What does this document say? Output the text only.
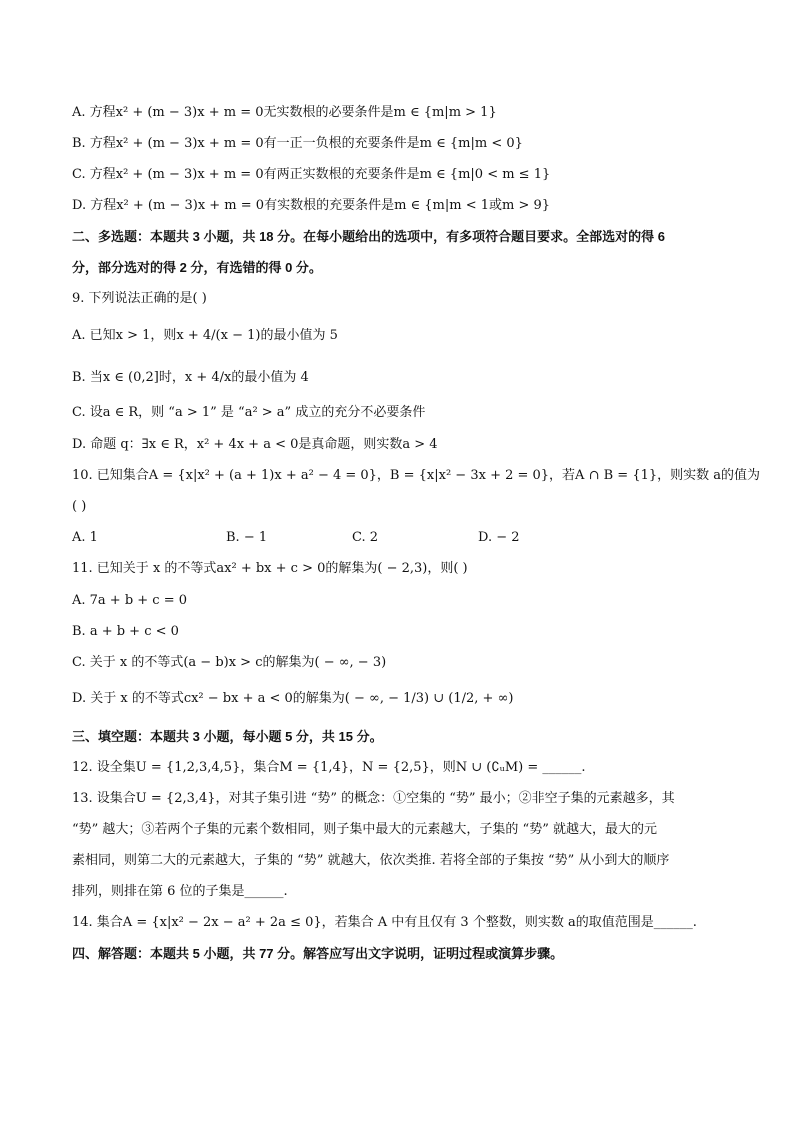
A. 方程x² + (m − 3)x + m = 0无实数根的必要条件是m ∈ {m|m > 1}
B. 方程x² + (m − 3)x + m = 0有一正一负根的充要条件是m ∈ {m|m < 0}
C. 方程x² + (m − 3)x + m = 0有两正实数根的充要条件是m ∈ {m|0 < m ≤ 1}
D. 方程x² + (m − 3)x + m = 0有实数根的充要条件是m ∈ {m|m < 1或m > 9}
二、多选题：本题共 3 小题，共 18 分。在每小题给出的选项中，有多项符合题目要求。全部选对的得 6
分，部分选对的得 2 分，有选错的得 0 分。
9. 下列说法正确的是( )
A. 已知x > 1，则x + 4/(x − 1)的最小值为 5
B. 当x ∈ (0,2]时，x + 4/x的最小值为 4
C. 设a ∈ R，则 “a > 1” 是 “a² > a” 成立的充分不必要条件
D. 命题 q：∃x ∈ R，x² + 4x + a < 0是真命题，则实数a > 4
10. 已知集合A = {x|x² + (a + 1)x + a² − 4 = 0}，B = {x|x² − 3x + 2 = 0}，若A ∩ B = {1}，则实数 a的值为
( )
A. 1	B. − 1	C. 2	D. − 2
11. 已知关于 x 的不等式ax² + bx + c > 0的解集为( − 2,3)，则( )
A. 7a + b + c = 0
B. a + b + c < 0
C. 关于 x 的不等式(a − b)x > c的解集为( − ∞, − 3)
D. 关于 x 的不等式cx² − bx + a < 0的解集为( − ∞, − 1/3) ∪ (1/2, + ∞)
三、填空题：本题共 3 小题，每小题 5 分，共 15 分。
12. 设全集U = {1,2,3,4,5}，集合M = {1,4}，N = {2,5}，则N ∪ (∁ᵤM) = ______.
13. 设集合U = {2,3,4}，对其子集引进 “势” 的概念：①空集的 “势” 最小；②非空子集的元素越多，其
“势” 越大；③若两个子集的元素个数相同，则子集中最大的元素越大，子集的 “势” 就越大，最大的元
素相同，则第二大的元素越大，子集的 “势” 就越大，依次类推. 若将全部的子集按 “势” 从小到大的顺序
排列，则排在第 6 位的子集是______.
14. 集合A = {x|x² − 2x − a² + 2a ≤ 0}，若集合 A 中有且仅有 3 个整数，则实数 a的取值范围是______.
四、解答题：本题共 5 小题，共 77 分。解答应写出文字说明，证明过程或演算步骤。
